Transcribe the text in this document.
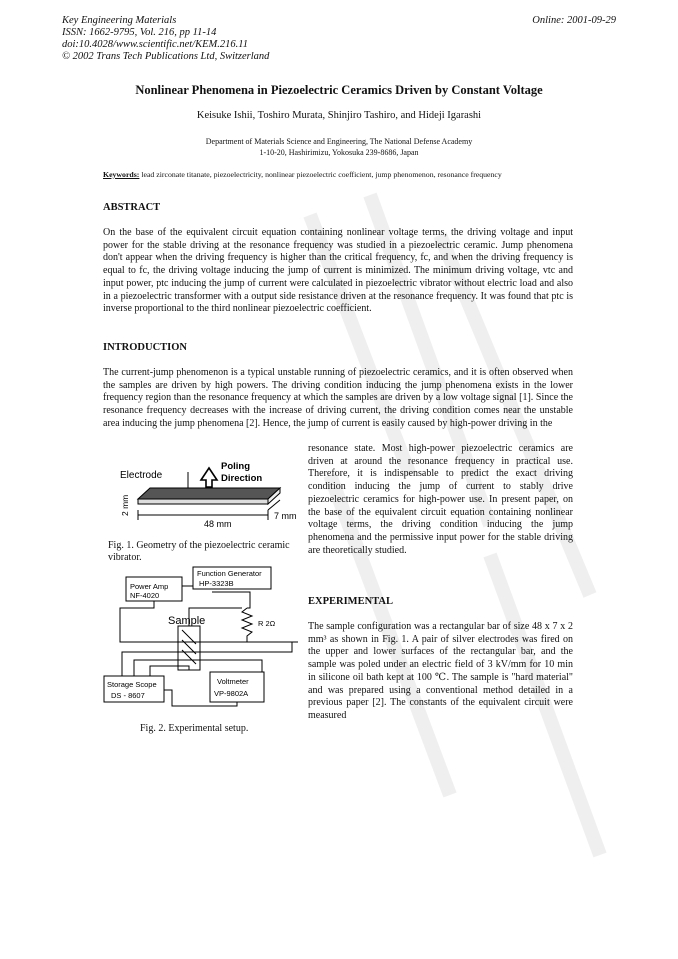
Key Engineering Materials
ISSN: 1662-9795, Vol. 216, pp 11-14
doi:10.4028/www.scientific.net/KEM.216.11
© 2002 Trans Tech Publications Ltd, Switzerland
Online: 2001-09-29
Nonlinear Phenomena in Piezoelectric Ceramics Driven by Constant Voltage
Keisuke Ishii, Toshiro Murata, Shinjiro Tashiro, and Hideji Igarashi
Department of Materials Science and Engineering, The National Defense Academy
1-10-20, Hashirimizu, Yokosuka 239-8686, Japan
Keywords: lead zirconate titanate, piezoelectricity, nonlinear piezoelectric coefficient, jump phenomenon, resonance frequency
ABSTRACT
On the base of the equivalent circuit equation containing nonlinear voltage terms, the driving voltage and input power for the stable driving at the resonance frequency was studied in a piezoelectric ceramic. Jump phenomena don't appear when the driving frequency is higher than the critical frequency, fc, and when the driving frequency is equal to fc, the driving voltage inducing the jump of current is minimized. The minimum driving voltage, vtc and input power, ptc inducing the jump of current were calculated in piezoelectric vibrator without electric load and also in a piezoelectric transformer with a output side resistance driven at the resonance frequency. It was found that ptc is inverse proportional to the third nonlinear piezoelectric coefficient.
INTRODUCTION
The current-jump phenomenon is a typical unstable running of piezoelectric ceramics, and it is often observed when the samples are driven by high powers. The driving condition inducing the jump phenomena exists in the lower frequency region than the resonance frequency at which the samples are driven by a low voltage signal [1]. Since the resonance frequency decreases with the increase of driving current, the driving condition comes near the unstable area inducing the jump phenomena [2]. Hence, the jump of current is easily caused by high-power driving in the
Electrode
Poling
Direction
48 mm
7 mm
2 mm
Fig. 1. Geometry of the piezoelectric ceramic vibrator.
Function Generator
HP-3323B
Power Amp
NF-4020
Sample	R 2Ω
Storage Scope
DS - 8607
Voltmeter
VP-9802A
Fig. 2. Experimental setup.
resonance state. Most high-power piezoelectric ceramics are driven at around the resonance frequency in practical use. Therefore, it is indispensable to predict the exact driving condition inducing the jump of current to stably drive piezoelectric ceramics for high-power use. In present paper, on the base of the equivalent circuit equation containing nonlinear voltage terms, the driving condition inducing the jump phenomena and the permissive input power for the stable driving are theoretically studied.
EXPERIMENTAL
The sample configuration was a rectangular bar of size 48 x 7 x 2 mm³ as shown in Fig. 1. A pair of silver electrodes was fired on the upper and lower surfaces of the rectangular bar, and the sample was poled under an electric field of 3 kV/mm for 10 min in silicone oil bath kept at 100 ℃. The sample is "hard material" and was prepared using a conventional method detailed in a previous paper [2]. The constants of the equivalent circuit were measured
